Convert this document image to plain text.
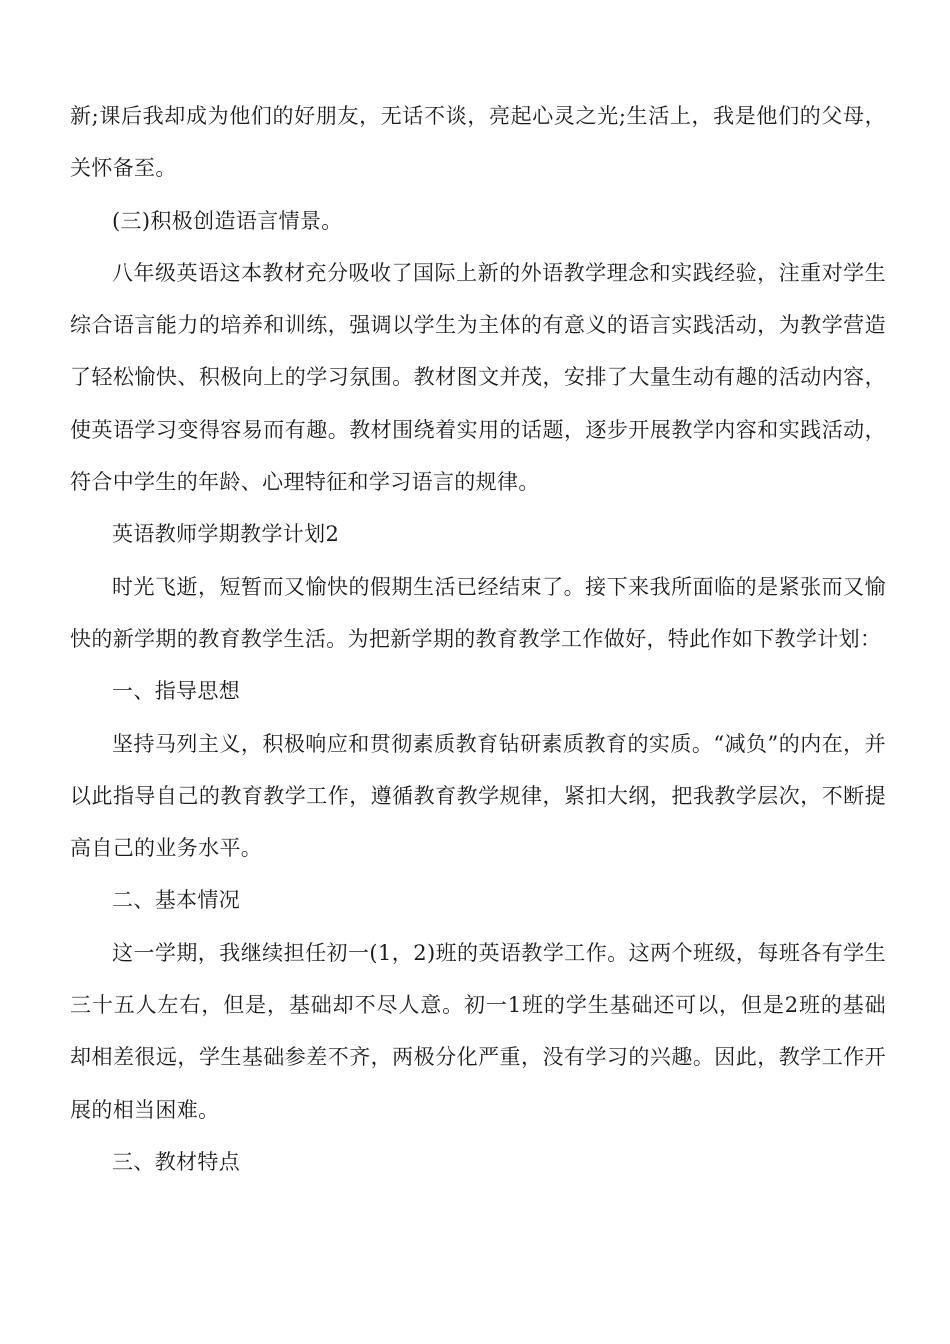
新;课后我却成为他们的好朋友，无话不谈，亮起心灵之光;生活上，我是他们的父母，关怀备至。

(三)积极创造语言情景。

八年级英语这本教材充分吸收了国际上新的外语教学理念和实践经验，注重对学生综合语言能力的培养和训练，强调以学生为主体的有意义的语言实践活动，为教学营造了轻松愉快、积极向上的学习氛围。教材图文并茂，安排了大量生动有趣的活动内容，使英语学习变得容易而有趣。教材围绕着实用的话题，逐步开展教学内容和实践活动，符合中学生的年龄、心理特征和学习语言的规律。

英语教师学期教学计划2

时光飞逝，短暂而又愉快的假期生活已经结束了。接下来我所面临的是紧张而又愉快的新学期的教育教学生活。为把新学期的教育教学工作做好，特此作如下教学计划：

一、指导思想

坚持马列主义，积极响应和贯彻素质教育钻研素质教育的实质。“减负”的内在，并以此指导自己的教育教学工作，遵循教育教学规律，紧扣大纲，把我教学层次，不断提高自己的业务水平。

二、基本情况

这一学期，我继续担任初一(1，2)班的英语教学工作。这两个班级，每班各有学生三十五人左右，但是，基础却不尽人意。初一1班的学生基础还可以，但是2班的基础却相差很远，学生基础参差不齐，两极分化严重，没有学习的兴趣。因此，教学工作开展的相当困难。

三、教材特点
